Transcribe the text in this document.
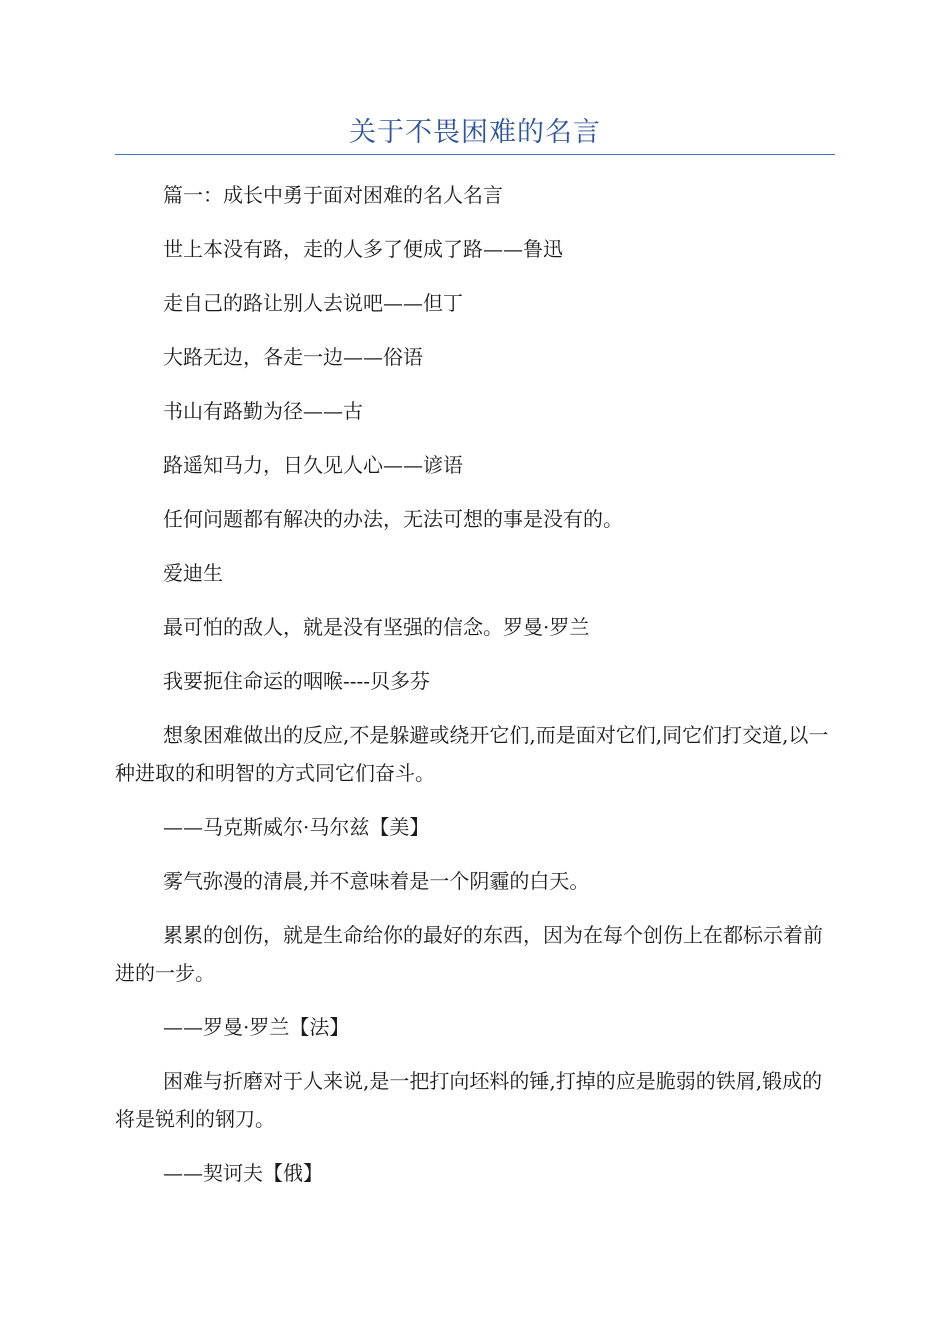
关于不畏困难的名言

篇一：成长中勇于面对困难的名人名言

世上本没有路，走的人多了便成了路——鲁迅

走自己的路让别人去说吧——但丁

大路无边，各走一边——俗语

书山有路勤为径——古

路遥知马力，日久见人心——谚语

任何问题都有解决的办法，无法可想的事是没有的。

爱迪生

最可怕的敌人，就是没有坚强的信念。罗曼·罗兰

我要扼住命运的咽喉----贝多芬

想象困难做出的反应,不是躲避或绕开它们,而是面对它们,同它们打交道,以一种进取的和明智的方式同它们奋斗。

——马克斯威尔·马尔兹【美】

雾气弥漫的清晨,并不意味着是一个阴霾的白天。

累累的创伤，就是生命给你的最好的东西，因为在每个创伤上在都标示着前进的一步。

——罗曼·罗兰【法】

困难与折磨对于人来说,是一把打向坯料的锤,打掉的应是脆弱的铁屑,锻成的将是锐利的钢刀。

——契诃夫【俄】
